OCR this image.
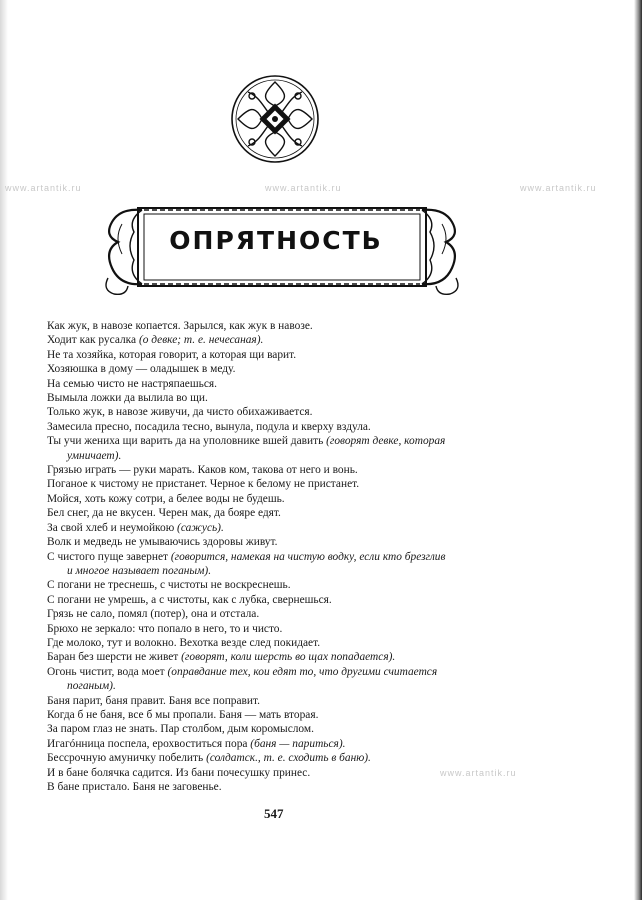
www.artantik.ru	www.artantik.ru	www.artantik.ru
www.artantik.ru
ОПРЯТНОСТЬ
Как жук, в навозе копается. Зарылся, как жук в навозе.
Ходит как русалка (о девке; т. е. нечесаная).
Не та хозяйка, которая говорит, а которая щи варит.
Хозяюшка в дому — оладышек в меду.
На семью чисто не настряпаешься.
Вымыла ложки да вылила во щи.
Только жук, в навозе живучи, да чисто обихаживается.
Замесила пресно, посадила тесно, вынула, подула и кверху вздула.
Ты учи жениха щи варить да на уполовнике вшей давить (говорят девке, которая
умничает).
Грязью играть — руки марать. Каков ком, такова от него и вонь.
Поганое к чистому не пристанет. Черное к белому не пристанет.
Мойся, хоть кожу сотри, а белее воды не будешь.
Бел снег, да не вкусен. Черен мак, да бояре едят.
За свой хлеб и неумойкою (сажусь).
Волк и медведь не умываючись здоровы живут.
С чистого пуще завернет (говорится, намекая на чистую водку, если кто брезглив
и многое называет поганым).
С погани не треснешь, с чистоты не воскреснешь.
С погани не умрешь, а с чистоты, как с лубка, свернешься.
Грязь не сало, помял (потер), она и отстала.
Брюхо не зеркало: что попало в него, то и чисто.
Где молоко, тут и волокно. Вехотка везде след покидает.
Баран без шерсти не живет (говорят, коли шерсть во щах попадается).
Огонь чистит, вода моет (оправдание тех, кои едят то, что другими считается
поганым).
Баня парит, баня правит. Баня все поправит.
Когда б не баня, все б мы пропали. Баня — мать вторая.
За паром глаз не знать. Пар столбом, дым коромыслом.
Игагóнница поспела, ерохвоститься пора (баня — париться).
Бессрочную амуничку побелить (солдатск., т. е. сходить в баню).
И в бане болячка садится. Из бани почесушку принес.
В бане пристало. Баня не заговенье.
547
